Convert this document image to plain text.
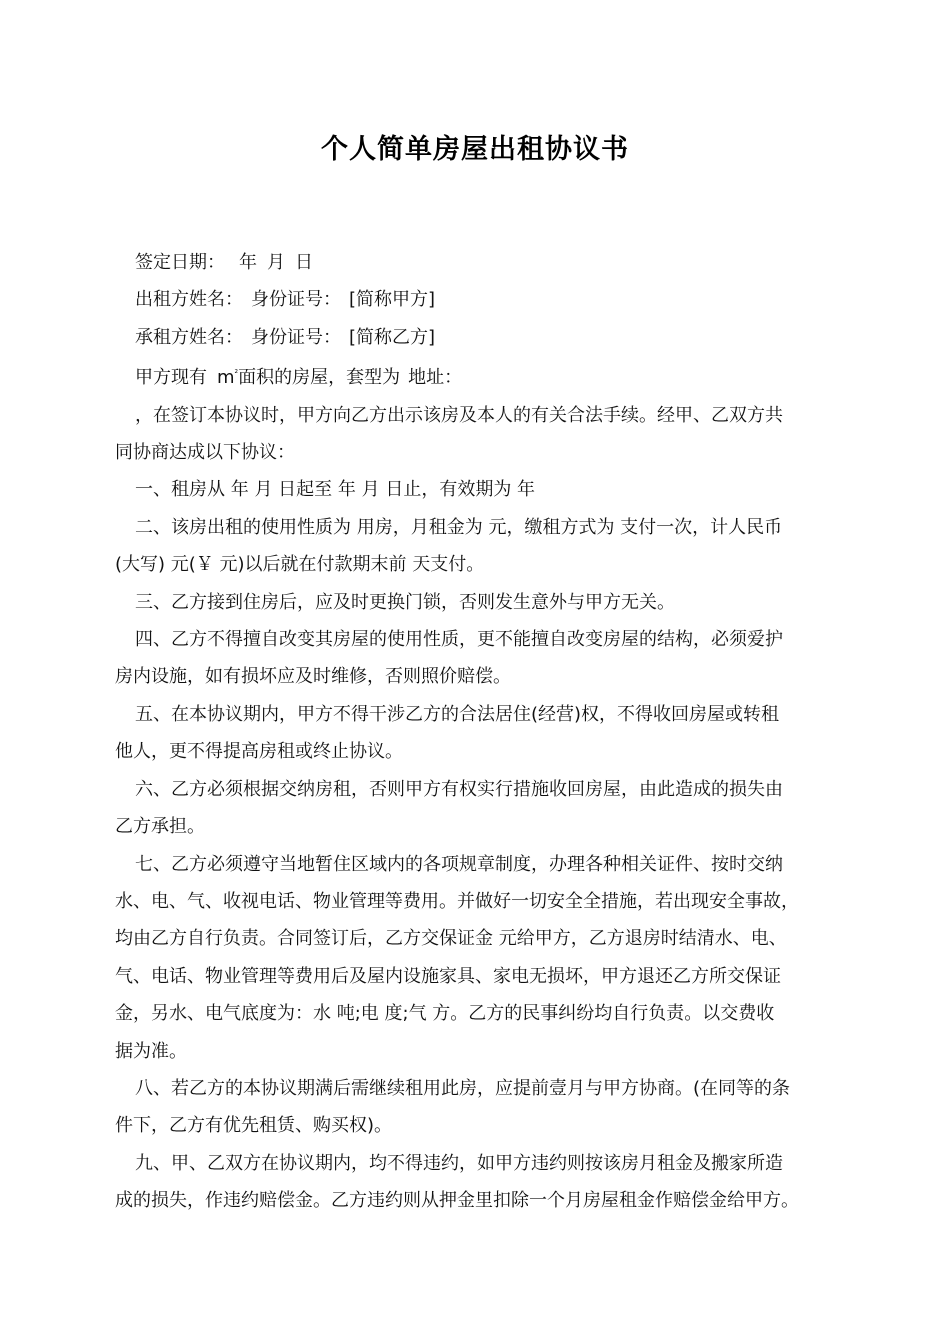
个人简单房屋出租协议书

签定日期： 年 月 日

出租方姓名： 身份证号： [简称甲方]

承租方姓名： 身份证号： [简称乙方]

甲方现有 $m^{^2}$面积的房屋，套型为 地址：

，在签订本协议时，甲方向乙方出示该房及本人的有关合法手续。经甲、乙双方共

同协商达成以下协议：

一、租房从 年 月 日起至 年 月 日止，有效期为 年

二、该房出租的使用性质为 用房，月租金为 元，缴租方式为 支付一次，计人民币

(大写) 元(￥ 元)以后就在付款期末前 天支付。

三、乙方接到住房后，应及时更换门锁，否则发生意外与甲方无关。

四、乙方不得擅自改变其房屋的使用性质，更不能擅自改变房屋的结构，必须爱护

房内设施，如有损坏应及时维修，否则照价赔偿。

五、在本协议期内，甲方不得干涉乙方的合法居住(经营)权，不得收回房屋或转租

他人，更不得提高房租或终止协议。

六、乙方必须根据交纳房租，否则甲方有权实行措施收回房屋，由此造成的损失由

乙方承担。

七、乙方必须遵守当地暂住区域内的各项规章制度，办理各种相关证件、按时交纳

水、电、气、收视电话、物业管理等费用。并做好一切安全全措施，若出现安全事故，

均由乙方自行负责。合同签订后，乙方交保证金 元给甲方，乙方退房时结清水、电、

气、电话、物业管理等费用后及屋内设施家具、家电无损坏，甲方退还乙方所交保证

金，另水、电气底度为：水 吨;电 度;气 方。乙方的民事纠纷均自行负责。以交费收

据为准。

八、若乙方的本协议期满后需继续租用此房，应提前壹月与甲方协商。(在同等的条

件下，乙方有优先租赁、购买权)。

九、甲、乙双方在协议期内，均不得违约，如甲方违约则按该房月租金及搬家所造

成的损失，作违约赔偿金。乙方违约则从押金里扣除一个月房屋租金作赔偿金给甲方。
